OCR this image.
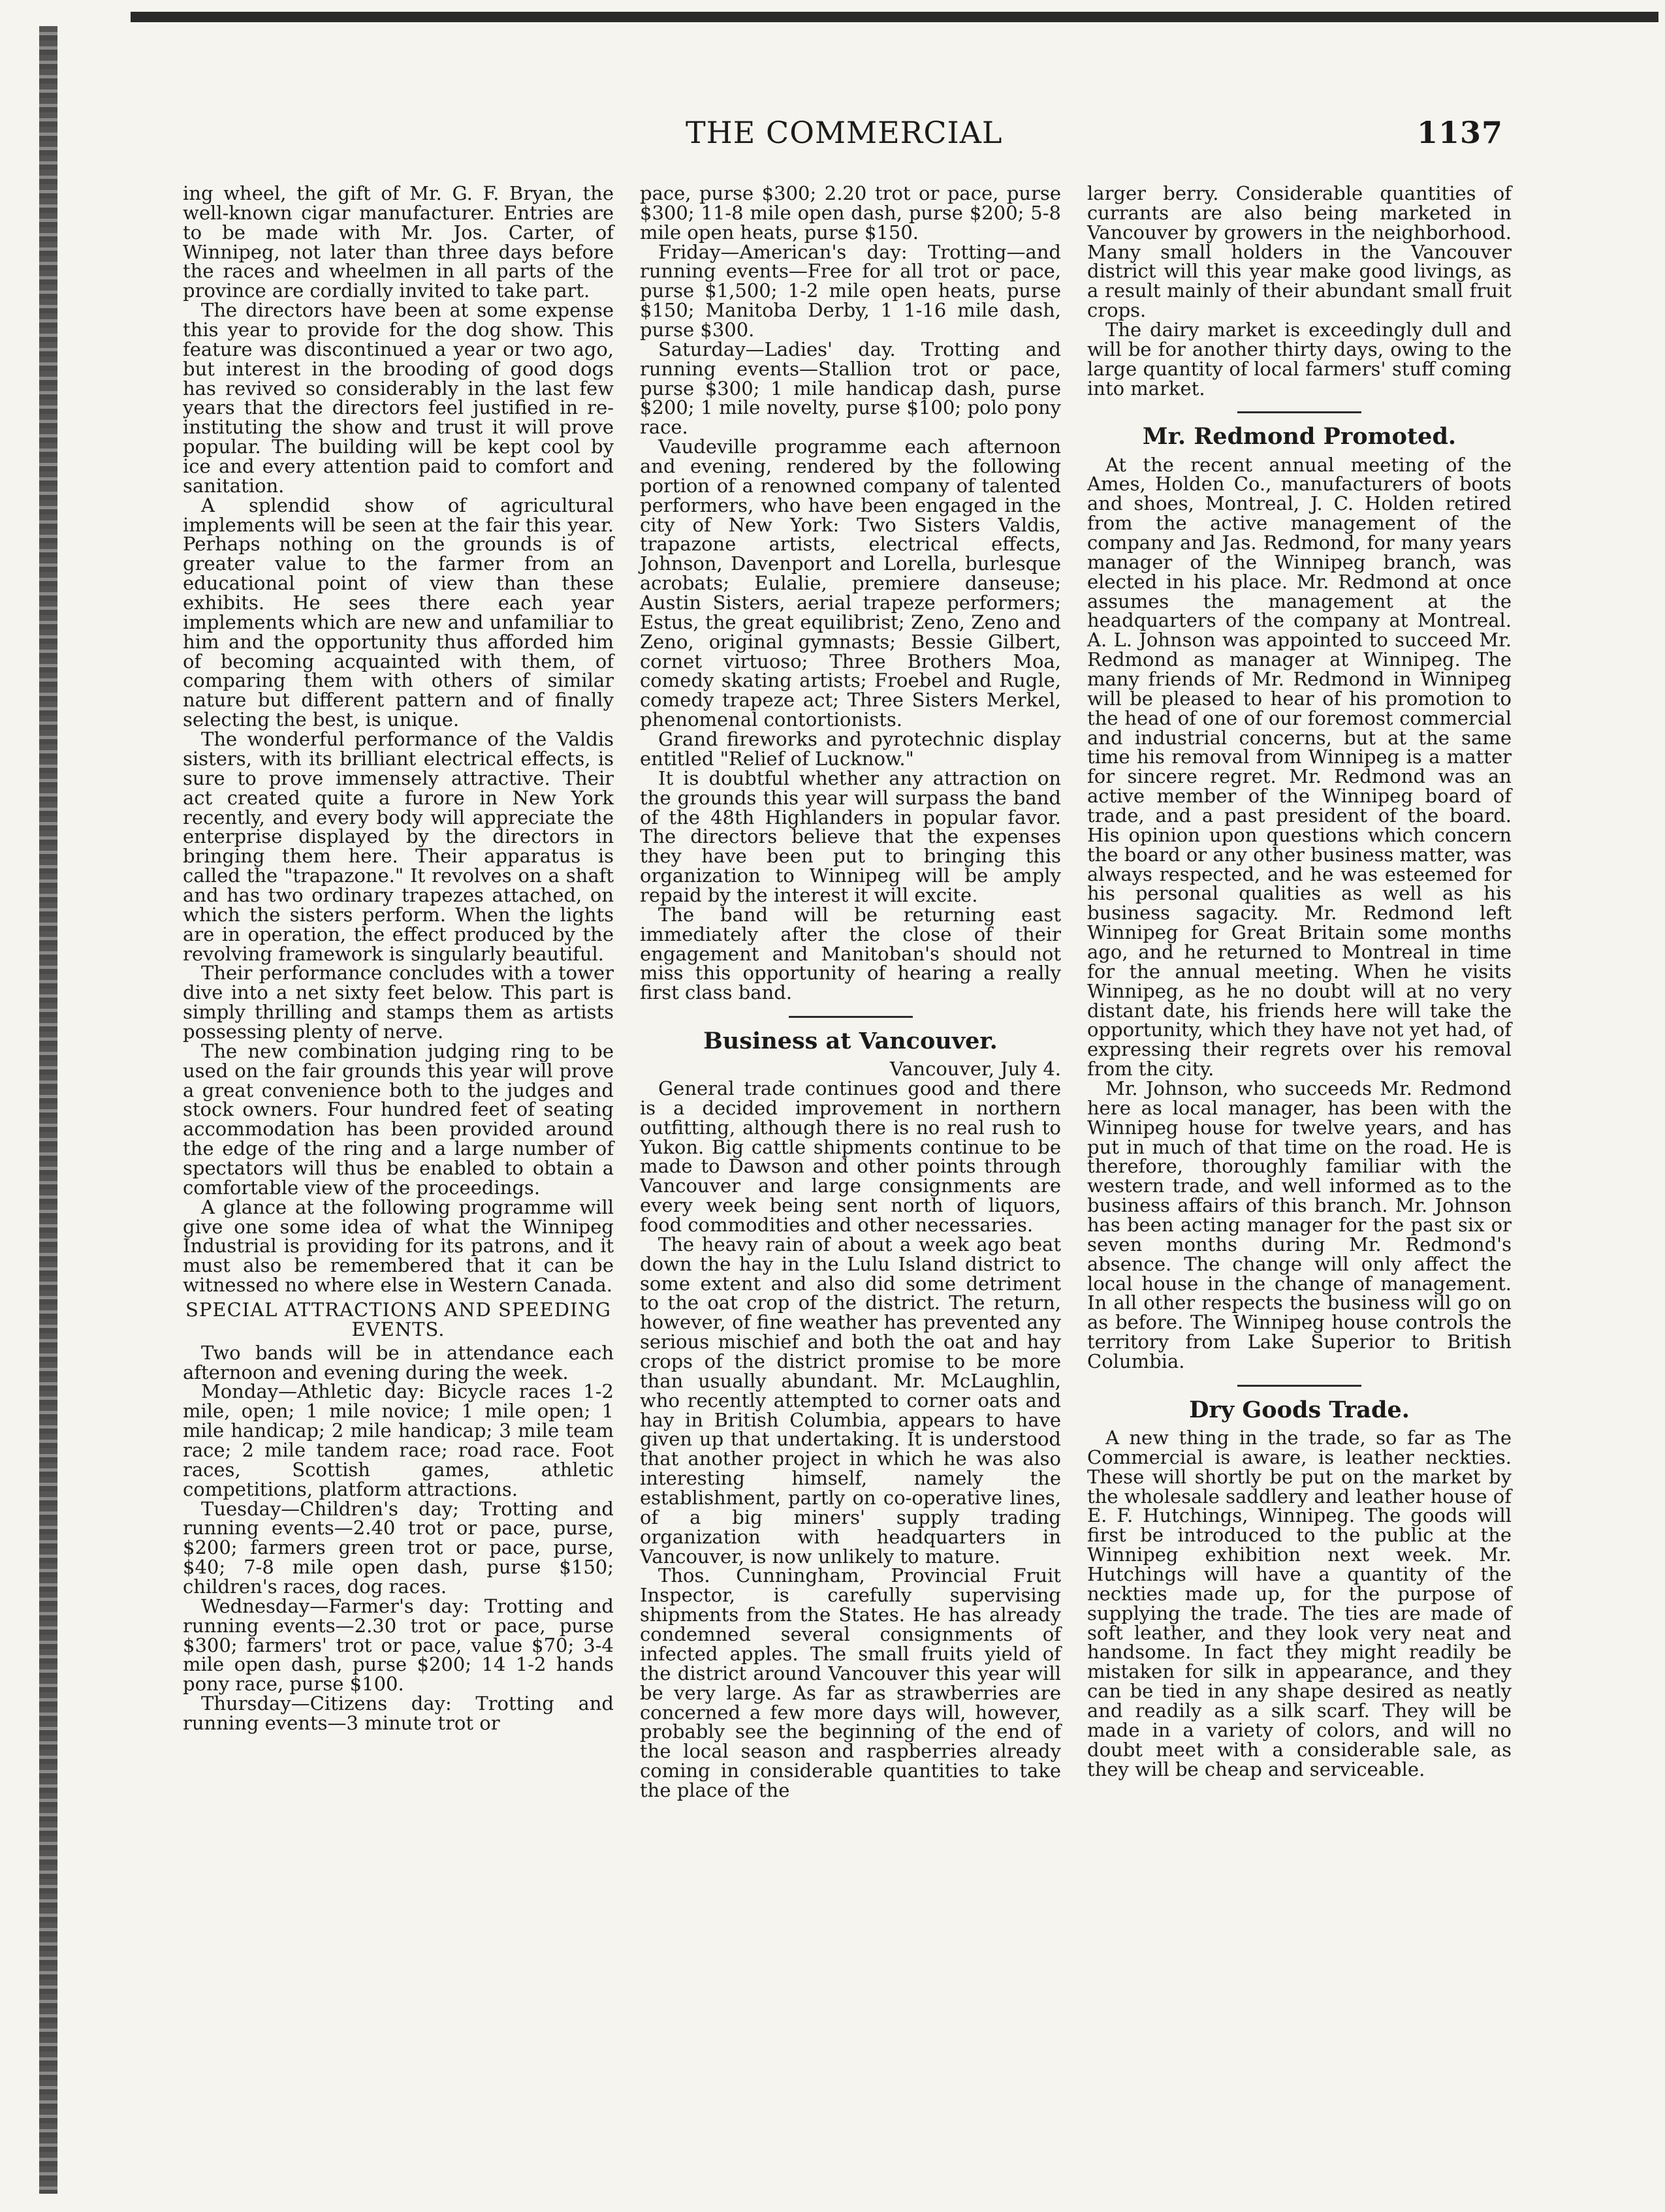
THE COMMERCIAL	1137

ing wheel, the gift of Mr. G. F. Bryan, the well-known cigar manufacturer. Entries are to be made with Mr. Jos. Carter, of Winnipeg, not later than three days before the races and wheelmen in all parts of the province are cordially invited to take part.

The directors have been at some expense this year to provide for the dog show. This feature was discontinued a year or two ago, but interest in the brooding of good dogs has revived so considerably in the last few years that the directors feel justified in re-instituting the show and trust it will prove popular. The building will be kept cool by ice and every attention paid to comfort and sanitation.

A splendid show of agricultural implements will be seen at the fair this year. Perhaps nothing on the grounds is of greater value to the farmer from an educational point of view than these exhibits. He sees there each year implements which are new and unfamiliar to him and the opportunity thus afforded him of becoming acquainted with them, of comparing them with others of similar nature but different pattern and of finally selecting the best, is unique.

The wonderful performance of the Valdis sisters, with its brilliant electrical effects, is sure to prove immensely attractive. Their act created quite a furore in New York recently, and every body will appreciate the enterprise displayed by the directors in bringing them here. Their apparatus is called the "trapazone." It revolves on a shaft and has two ordinary trapezes attached, on which the sisters perform. When the lights are in operation, the effect produced by the revolving framework is singularly beautiful.

Their performance concludes with a tower dive into a net sixty feet below. This part is simply thrilling and stamps them as artists possessing plenty of nerve.

The new combination judging ring to be used on the fair grounds this year will prove a great convenience both to the judges and stock owners. Four hundred feet of seating accommodation has been provided around the edge of the ring and a large number of spectators will thus be enabled to obtain a comfortable view of the proceedings.

A glance at the following programme will give one some idea of what the Winnipeg Industrial is providing for its patrons, and it must also be remembered that it can be witnessed no where else in Western Canada.

SPECIAL ATTRACTIONS AND SPEEDING EVENTS.

Two bands will be in attendance each afternoon and evening during the week.

Monday—Athletic day: Bicycle races 1-2 mile, open; 1 mile novice; 1 mile open; 1 mile handicap; 2 mile handicap; 3 mile team race; 2 mile tandem race; road race. Foot races, Scottish games, athletic competitions, platform attractions.

Tuesday—Children's day; Trotting and running events—2.40 trot or pace, purse, $200; farmers green trot or pace, purse, $40; 7-8 mile open dash, purse $150; children's races, dog races.

Wednesday—Farmer's day: Trotting and running events—2.30 trot or pace, purse $300; farmers' trot or pace, value $70; 3-4 mile open dash, purse $200; 14 1-2 hands pony race, purse $100.

Thursday—Citizens day: Trotting and running events—3 minute trot or

pace, purse $300; 2.20 trot or pace, purse $300; 11-8 mile open dash, purse $200; 5-8 mile open heats, purse $150.

Friday—American's day: Trotting—and running events—Free for all trot or pace, purse $1,500; 1-2 mile open heats, purse $150; Manitoba Derby, 1 1-16 mile dash, purse $300.

Saturday—Ladies' day. Trotting and running events—Stallion trot or pace, purse $300; 1 mile handicap dash, purse $200; 1 mile novelty, purse $100; polo pony race.

Vaudeville programme each afternoon and evening, rendered by the following portion of a renowned company of talented performers, who have been engaged in the city of New York: Two Sisters Valdis, trapazone artists, electrical effects, Johnson, Davenport and Lorella, burlesque acrobats; Eulalie, premiere danseuse; Austin Sisters, aerial trapeze performers; Estus, the great equilibrist; Zeno, Zeno and Zeno, original gymnasts; Bessie Gilbert, cornet virtuoso; Three Brothers Moa, comedy skating artists; Froebel and Rugle, comedy trapeze act; Three Sisters Merkel, phenomenal contortionists.

Grand fireworks and pyrotechnic display entitled "Relief of Lucknow."

It is doubtful whether any attraction on the grounds this year will surpass the band of the 48th Highlanders in popular favor. The directors believe that the expenses they have been put to bringing this organization to Winnipeg will be amply repaid by the interest it will excite.

The band will be returning east immediately after the close of their engagement and Manitoban's should not miss this opportunity of hearing a really first class band.

Business at Vancouver.

Vancouver, July 4.

General trade continues good and there is a decided improvement in northern outfitting, although there is no real rush to Yukon. Big cattle shipments continue to be made to Dawson and other points through Vancouver and large consignments are every week being sent north of liquors, food commodities and other necessaries.

The heavy rain of about a week ago beat down the hay in the Lulu Island district to some extent and also did some detriment to the oat crop of the district. The return, however, of fine weather has prevented any serious mischief and both the oat and hay crops of the district promise to be more than usually abundant. Mr. McLaughlin, who recently attempted to corner oats and hay in British Columbia, appears to have given up that undertaking. It is understood that another project in which he was also interesting himself, namely the establishment, partly on co-operative lines, of a big miners' supply trading organization with headquarters in Vancouver, is now unlikely to mature.

Thos. Cunningham, Provincial Fruit Inspector, is carefully supervising shipments from the States. He has already condemned several consignments of infected apples. The small fruits yield of the district around Vancouver this year will be very large. As far as strawberries are concerned a few more days will, however, probably see the beginning of the end of the local season and raspberries already coming in considerable quantities to take the place of the

larger berry. Considerable quantities of currants are also being marketed in Vancouver by growers in the neighborhood. Many small holders in the Vancouver district will this year make good livings, as a result mainly of their abundant small fruit crops.

The dairy market is exceedingly dull and will be for another thirty days, owing to the large quantity of local farmers' stuff coming into market.

Mr. Redmond Promoted.

At the recent annual meeting of the Ames, Holden Co., manufacturers of boots and shoes, Montreal, J. C. Holden retired from the active management of the company and Jas. Redmond, for many years manager of the Winnipeg branch, was elected in his place. Mr. Redmond at once assumes the management at the headquarters of the company at Montreal. A. L. Johnson was appointed to succeed Mr. Redmond as manager at Winnipeg. The many friends of Mr. Redmond in Winnipeg will be pleased to hear of his promotion to the head of one of our foremost commercial and industrial concerns, but at the same time his removal from Winnipeg is a matter for sincere regret. Mr. Redmond was an active member of the Winnipeg board of trade, and a past president of the board. His opinion upon questions which concern the board or any other business matter, was always respected, and he was esteemed for his personal qualities as well as his business sagacity. Mr. Redmond left Winnipeg for Great Britain some months ago, and he returned to Montreal in time for the annual meeting. When he visits Winnipeg, as he no doubt will at no very distant date, his friends here will take the opportunity, which they have not yet had, of expressing their regrets over his removal from the city.

Mr. Johnson, who succeeds Mr. Redmond here as local manager, has been with the Winnipeg house for twelve years, and has put in much of that time on the road. He is therefore, thoroughly familiar with the western trade, and well informed as to the business affairs of this branch. Mr. Johnson has been acting manager for the past six or seven months during Mr. Redmond's absence. The change will only affect the local house in the change of management. In all other respects the business will go on as before. The Winnipeg house controls the territory from Lake Superior to British Columbia.

Dry Goods Trade.

A new thing in the trade, so far as The Commercial is aware, is leather neckties. These will shortly be put on the market by the wholesale saddlery and leather house of E. F. Hutchings, Winnipeg. The goods will first be introduced to the public at the Winnipeg exhibition next week. Mr. Hutchings will have a quantity of the neckties made up, for the purpose of supplying the trade. The ties are made of soft leather, and they look very neat and handsome. In fact they might readily be mistaken for silk in appearance, and they can be tied in any shape desired as neatly and readily as a silk scarf. They will be made in a variety of colors, and will no doubt meet with a considerable sale, as they will be cheap and serviceable.
